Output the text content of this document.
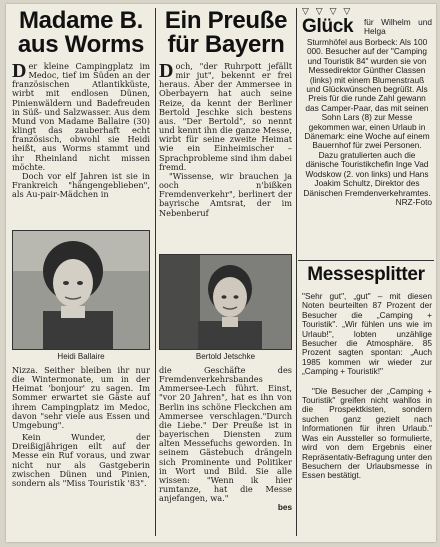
Madame B. aus Worms
D er kleine Campingplatz im Medoc, tief im Süden an der französischen Atlantikküste, wirbt mit endlosen Dünen, Pinienwäldern und Badefreuden in Süß- und Salzwasser. Aus dem Mund von Madame Ballaire (30) klingt das zauberhaft echt französisch, obwohl sie Heidi heißt, aus Worms stammt und ihr Rheinland nicht missen möchte.

Doch vor elf Jahren ist sie in Frankreich "hängengeblieben", als Au-pair-Mädchen in

Heidi Ballaire

Nizza. Seither bleiben ihr nur die Wintermonate, um in der Heimat 'bonjour' zu sagen. Im Sommer erwartet sie Gäste auf ihrem Campingplatz im Medoc, davon "sehr viele aus Essen und Umgebung".

Kein Wunder, der Dreißigjährigen eilt auf der Messe ein Ruf voraus, und zwar nicht nur als Gastgeberin zwischen Dünen und Pinien, sondern als "Miss Touristik '83".

Ein Preuße für Bayern
D och, "der Ruhrpott jefällt mir jut", bekennt er frei heraus. Aber der Ammersee in Oberbayern hat auch seine Reize, da kennt der Berliner Bertold Jeschke sich bestens aus. "Der Bertold", so nennt und kennt ihn die ganze Messe, wirbt für seine zweite Heimat wie ein Einheimischer – Sprachprobleme sind ihm dabei fremd.

"Wissense, wir brauchen ja ooch n'bißken Fremdenverkehr", berlinert der bayrische Amtsrat, der im Nebenberuf

Bertold Jetschke

die Geschäfte des Fremdenverkehrsbandes Ammersee-Lech führt. Einst, "vor 20 Jahren", hat es ihn von Berlin ins schöne Fleckchen am Ammersee verschlagen."Durch die Liebe." Der Preuße ist in bayerischen Diensten zum alten Messefuchs geworden. In seinem Gästebuch drängeln sich Prominente und Politiker in Wort und Bild. Sie alle wissen: "Wenn ik hier rumtanze, hat die Messe anjefangen, wa."

bes

▽ ▽ ▽ ▽
Glück für Wilhelm und Helga

Sturmhöfel aus Borbeck: Als 100 000. Besucher auf der "Camping und Touristik 84" wurden sie von Messedirektor Günther Classen (links) mit einem Blumenstrauß und Glückwünschen begrüßt. Als Preis für die runde Zahl gewann das Camper-Paar, das mit seinen Sohn Lars (8) zur Messe gekommen war, einen Urlaub in Dänemark: eine Woche auf einem Bauernhof für zwei Personen. Dazu gratulierten auch die dänische Touristikchefin Inge Vad Wodskow (2. von links) und Hans Joakim Schultz, Direktor des Dänischen Fremdenverkehramtes.

NRZ-Foto

Messesplitter

"Sehr gut", „gut" – mit diesen Noten beurteilten 87 Prozent der Besucher die „Camping + Touristik". „Wir fühlen uns wie im Urlaub!", lobten unzählige Besucher die Atmosphäre. 85 Prozent sagten spontan: „Auch 1985 kommen wir wieder zur „Camping + Touristik!"

"Die Besucher der „Camping + Touristik" greifen nicht wahllos in die Prospektkisten, sondern suchen ganz gezielt nach Informationen für ihren Urlaub." Was ein Aussteller so formulierte, wird von dem Ergebnis einer Repräsentativ-Befragung unter den Besuchern der Urlaubsmesse in Essen bestätigt.
